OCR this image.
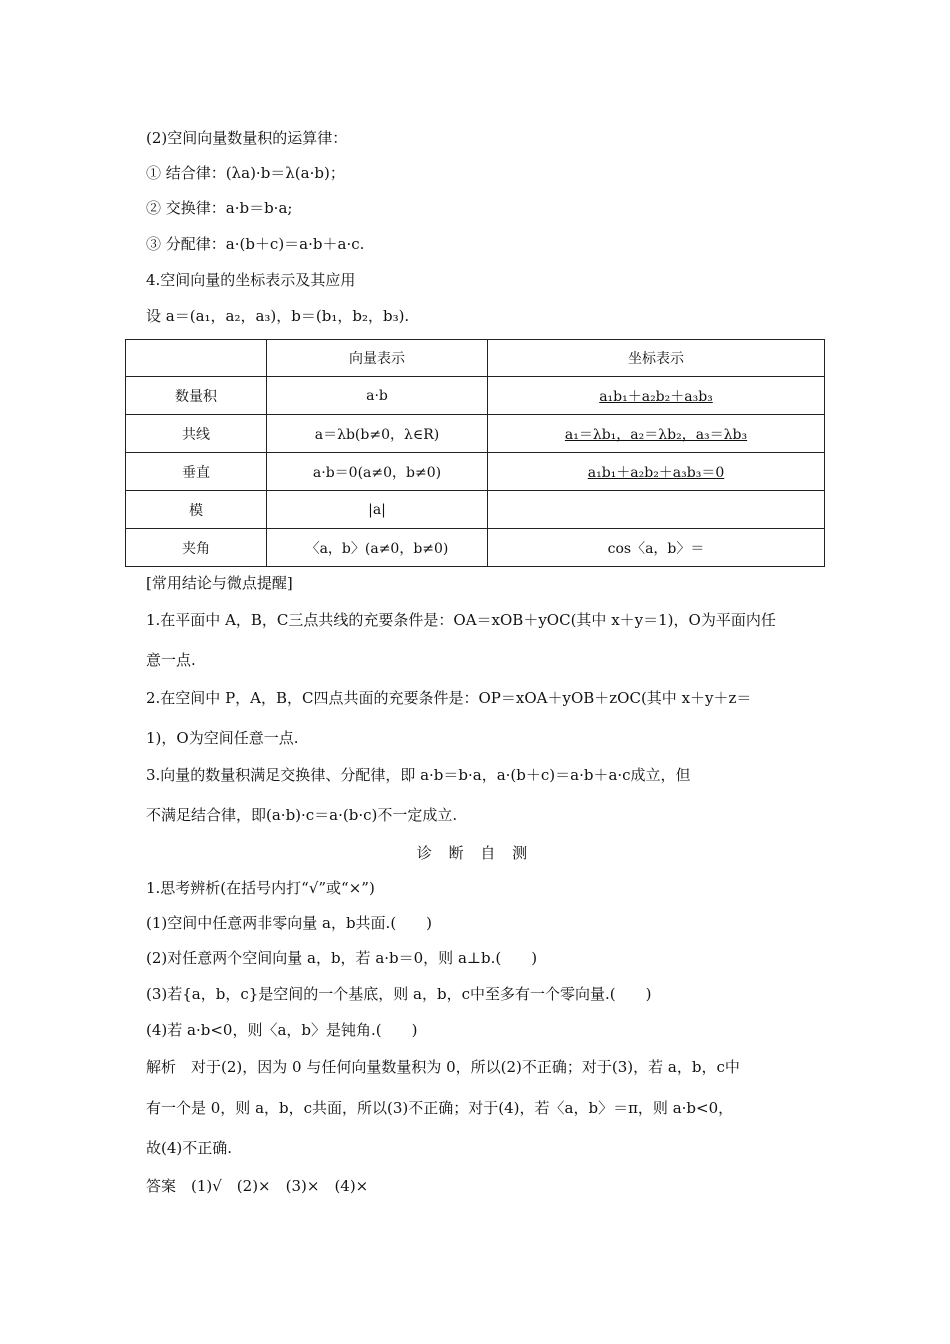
(2)空间向量数量积的运算律：
① 结合律：(λa)·b＝λ(a·b)；
② 交换律：a·b＝b·a;
③ 分配律：a·(b＋c)＝a·b＋a·c.
4.空间向量的坐标表示及其应用
设 a＝(a₁，a₂，a₃)，b＝(b₁，b₂，b₃).
	向量表示	坐标表示
数量积	a·b	a₁b₁＋a₂b₂＋a₃b₃
共线	a＝λb(b≠0，λ∈R)	a₁＝λb₁，a₂＝λb₂，a₃＝λb₃
垂直	a·b＝0(a≠0，b≠0)	a₁b₁＋a₂b₂＋a₃b₃＝0
模	|a|	
夹角	〈a，b〉(a≠0，b≠0)	cos〈a，b〉＝
[常用结论与微点提醒]
1.在平面中 A，B，C三点共线的充要条件是：OA＝xOB＋yOC(其中 x＋y＝1)，O为平面内任
意一点.
2.在空间中 P，A，B，C四点共面的充要条件是：OP＝xOA＋yOB＋zOC(其中 x＋y＋z＝
1)，O为空间任意一点.
3.向量的数量积满足交换律、分配律，即 a·b＝b·a，a·(b＋c)＝a·b＋a·c成立，但
不满足结合律，即(a·b)·c＝a·(b·c)不一定成立.
诊 断 自 测
1.思考辨析(在括号内打“√”或“×”)
(1)空间中任意两非零向量 a，b共面.(　　)
(2)对任意两个空间向量 a，b，若 a·b＝0，则 a⊥b.(　　)
(3)若{a，b，c}是空间的一个基底，则 a，b，c中至多有一个零向量.(　　)
(4)若 a·b<0，则〈a，b〉是钝角.(　　)
解析　对于(2)，因为 0 与任何向量数量积为 0，所以(2)不正确；对于(3)，若 a，b，c中
有一个是 0，则 a，b，c共面，所以(3)不正确；对于(4)，若〈a，b〉＝π，则 a·b<0，
故(4)不正确.
答案　(1)√　(2)×　(3)×　(4)×
